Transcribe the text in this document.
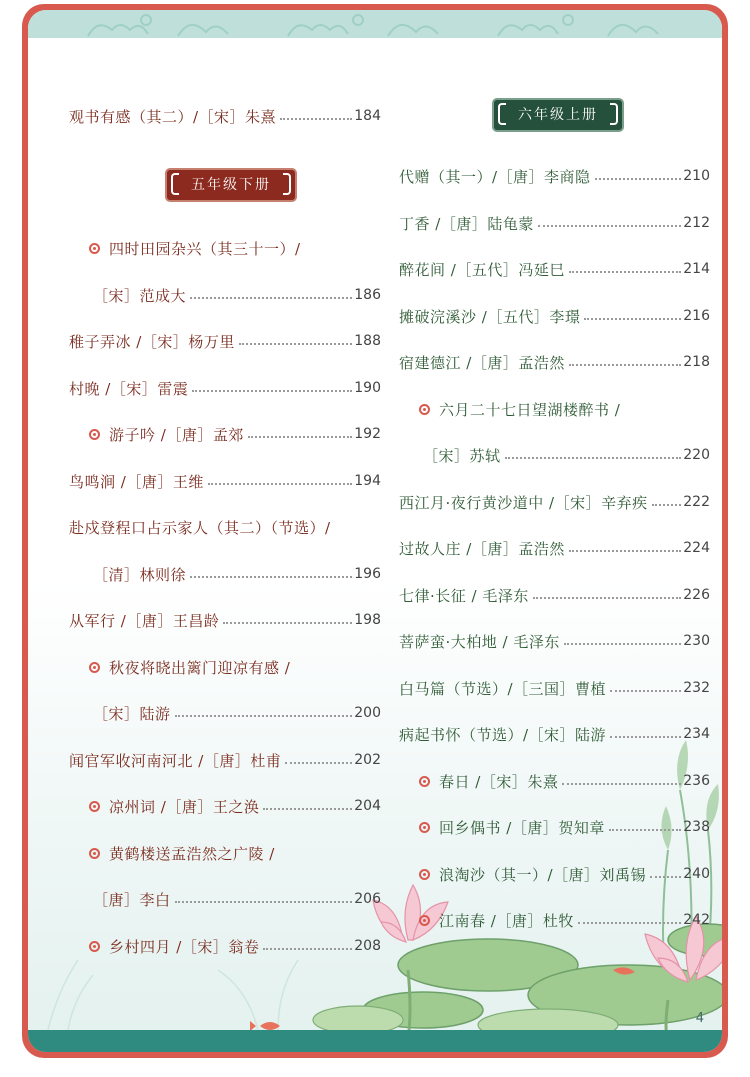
4
观书有感（其二）/［宋］朱熹	184
五年级下册
四时田园杂兴（其三十一）/
［宋］范成大	186
稚子弄冰 /［宋］杨万里	188
村晚 /［宋］雷震	190
游子吟 /［唐］孟郊	192
鸟鸣涧 /［唐］王维	194
赴戍登程口占示家人（其二）（节选）/
［清］林则徐	196
从军行 /［唐］王昌龄	198
秋夜将晓出篱门迎凉有感 /
［宋］陆游	200
闻官军收河南河北 /［唐］杜甫	202
凉州词 /［唐］王之涣	204
黄鹤楼送孟浩然之广陵 /
［唐］李白	206
乡村四月 /［宋］翁卷	208
六年级上册
代赠（其一）/［唐］李商隐	210
丁香 /［唐］陆龟蒙	212
醉花间 /［五代］冯延巳	214
摊破浣溪沙 /［五代］李璟	216
宿建德江 /［唐］孟浩然	218
六月二十七日望湖楼醉书 /
［宋］苏轼	220
西江月·夜行黄沙道中 /［宋］辛弃疾	222
过故人庄 /［唐］孟浩然	224
七律·长征 / 毛泽东	226
菩萨蛮·大柏地 / 毛泽东	230
白马篇（节选）/［三国］曹植	232
病起书怀（节选）/［宋］陆游	234
春日 /［宋］朱熹	236
回乡偶书 /［唐］贺知章	238
浪淘沙（其一）/［唐］刘禹锡	240
江南春 /［唐］杜牧	242
